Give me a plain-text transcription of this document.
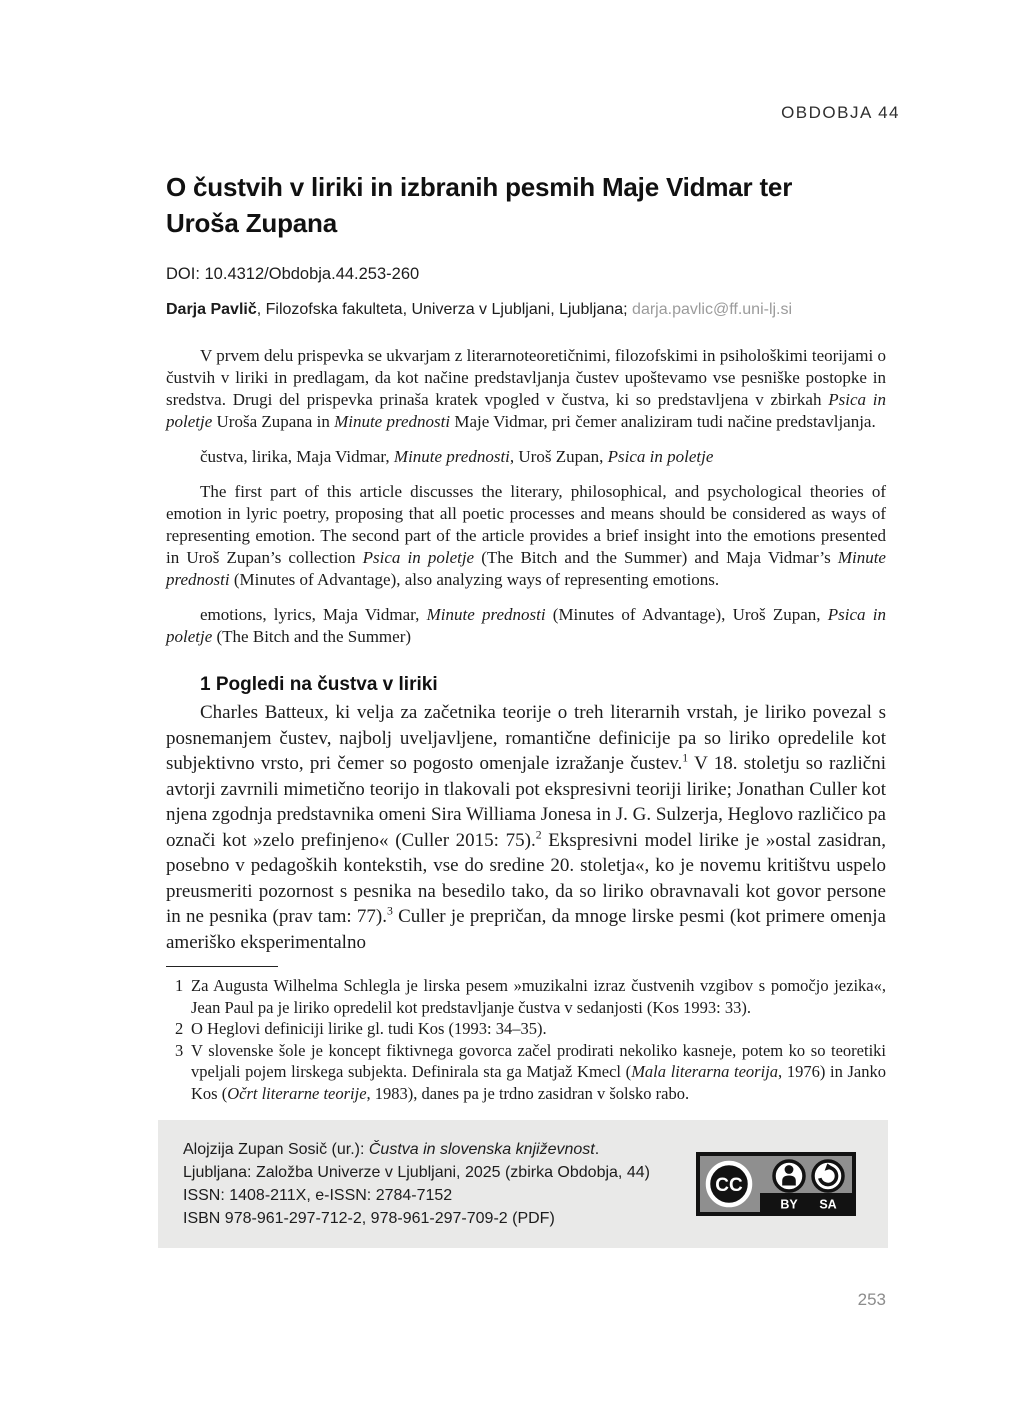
OBDOBJA 44
O čustvih v liriki in izbranih pesmih Maje Vidmar ter
Uroša Zupana
DOI: 10.4312/Obdobja.44.253-260

Darja Pavlič, Filozofska fakulteta, Univerza v Ljubljani, Ljubljana; darja.pavlic@ff.uni-lj.si

V prvem delu prispevka se ukvarjam z literarnoteoretičnimi, filozofskimi in psihološkimi teorijami o čustvih v liriki in predlagam, da kot načine predstavljanja čustev upoštevamo vse pesniške postopke in sredstva. Drugi del prispevka prinaša kratek vpogled v čustva, ki so predstavljena v zbirkah Psica in poletje Uroša Zupana in Minute prednosti Maje Vidmar, pri čemer analiziram tudi načine predstavljanja.

čustva, lirika, Maja Vidmar, Minute prednosti, Uroš Zupan, Psica in poletje

The first part of this article discusses the literary, philosophical, and psychological theories of emotion in lyric poetry, proposing that all poetic processes and means should be considered as ways of representing emotion. The second part of the article provides a brief insight into the emotions presented in Uroš Zupan’s collection Psica in poletje (The Bitch and the Summer) and Maja Vidmar’s Minute prednosti (Minutes of Advantage), also analyzing ways of representing emotions.

emotions, lyrics, Maja Vidmar, Minute prednosti (Minutes of Advantage), Uroš Zupan, Psica in poletje (The Bitch and the Summer)

1 Pogledi na čustva v liriki

Charles Batteux, ki velja za začetnika teorije o treh literarnih vrstah, je liriko povezal s posnemanjem čustev, najbolj uveljavljene, romantične definicije pa so liriko opredelile kot subjektivno vrsto, pri čemer so pogosto omenjale izražanje čustev.$^1$ V 18. stoletju so različni avtorji zavrnili mimetično teorijo in tlakovali pot ekspresivni teoriji lirike; Jonathan Culler kot njena zgodnja predstavnika omeni Sira Williama Jonesa in J. G. Sulzerja, Heglovo različico pa označi kot »zelo prefinjeno« (Culler 2015: 75).$^2$ Ekspresivni model lirike je »ostal zasidran, posebno v pedagoških kontekstih, vse do sredine 20. stoletja«, ko je novemu kritištvu uspelo preusmeriti pozornost s pesnika na besedilo tako, da so liriko obravnavali kot govor persone in ne pesnika (prav tam: 77).$^3$ Culler je prepričan, da mnoge lirske pesmi (kot primere omenja ameriško eksperimentalno

1 Za Augusta Wilhelma Schlegla je lirska pesem »muzikalni izraz čustvenih vzgibov s pomočjo jezika«, Jean Paul pa je liriko opredelil kot predstavljanje čustva v sedanjosti (Kos 1993: 33).
2 O Heglovi definiciji lirike gl. tudi Kos (1993: 34–35).
3 V slovenske šole je koncept fiktivnega govorca začel prodirati nekoliko kasneje, potem ko so teoretiki vpeljali pojem lirskega subjekta. Definirala sta ga Matjaž Kmecl (Mala literarna teorija, 1976) in Janko Kos (Očrt literarne teorije, 1983), danes pa je trdno zasidran v šolsko rabo.
Alojzija Zupan Sosič (ur.): Čustva in slovenska književnost.
Ljubljana: Založba Univerze v Ljubljani, 2025 (zbirka Obdobja, 44)
ISSN: 1408-211X, e-ISSN: 2784-7152
ISBN 978-961-297-712-2, 978-961-297-709-2 (PDF)
CC
BY SA
253
